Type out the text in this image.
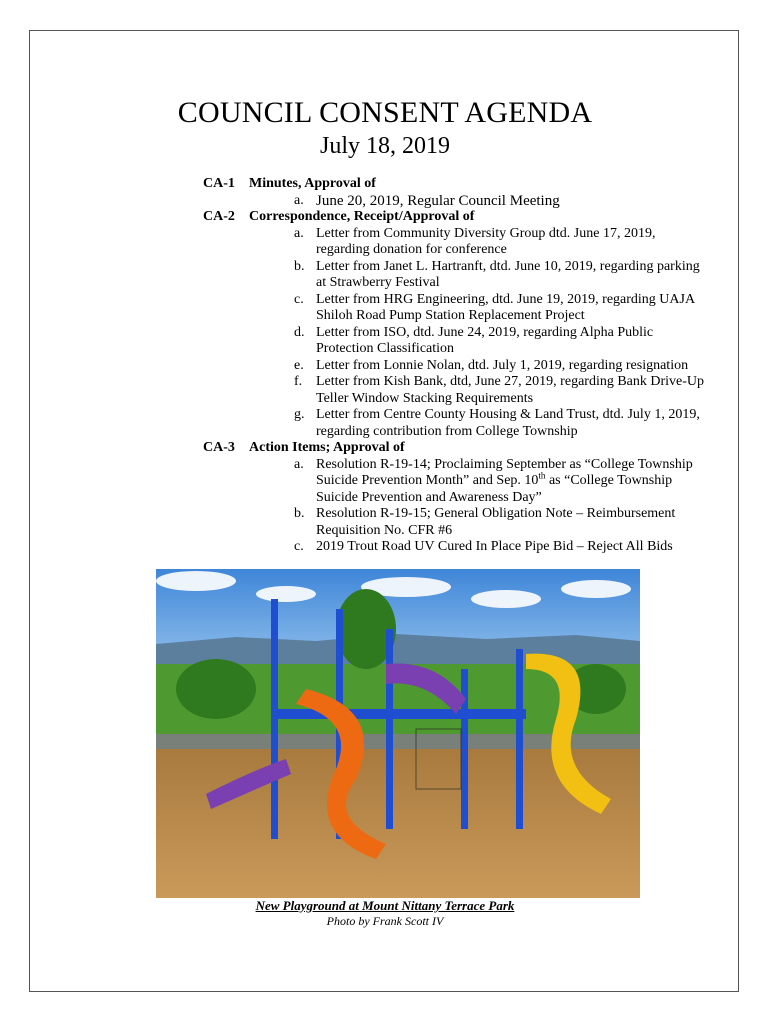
COUNCIL CONSENT AGENDA
July 18, 2019
CA-1	Minutes, Approval of
a. June 20, 2019, Regular Council Meeting
CA-2	Correspondence, Receipt/Approval of
a. Letter from Community Diversity Group dtd. June 17, 2019, regarding donation for conference
b. Letter from Janet L. Hartranft, dtd. June 10, 2019, regarding parking at Strawberry Festival
c. Letter from HRG Engineering, dtd. June 19, 2019, regarding UAJA Shiloh Road Pump Station Replacement Project
d. Letter from ISO, dtd. June 24, 2019, regarding Alpha Public Protection Classification
e. Letter from Lonnie Nolan, dtd. July 1, 2019, regarding resignation
f. Letter from Kish Bank, dtd, June 27, 2019, regarding Bank Drive-Up Teller Window Stacking Requirements
g. Letter from Centre County Housing & Land Trust, dtd. July 1, 2019, regarding contribution from College Township
CA-3	Action Items; Approval of
a. Resolution R-19-14; Proclaiming September as “College Township Suicide Prevention Month” and Sep. 10th as “College Township Suicide Prevention and Awareness Day”
b. Resolution R-19-15; General Obligation Note – Reimbursement Requisition No. CFR #6
c. 2019 Trout Road UV Cured In Place Pipe Bid – Reject All Bids
New Playground at Mount Nittany Terrace Park
Photo by Frank Scott IV
